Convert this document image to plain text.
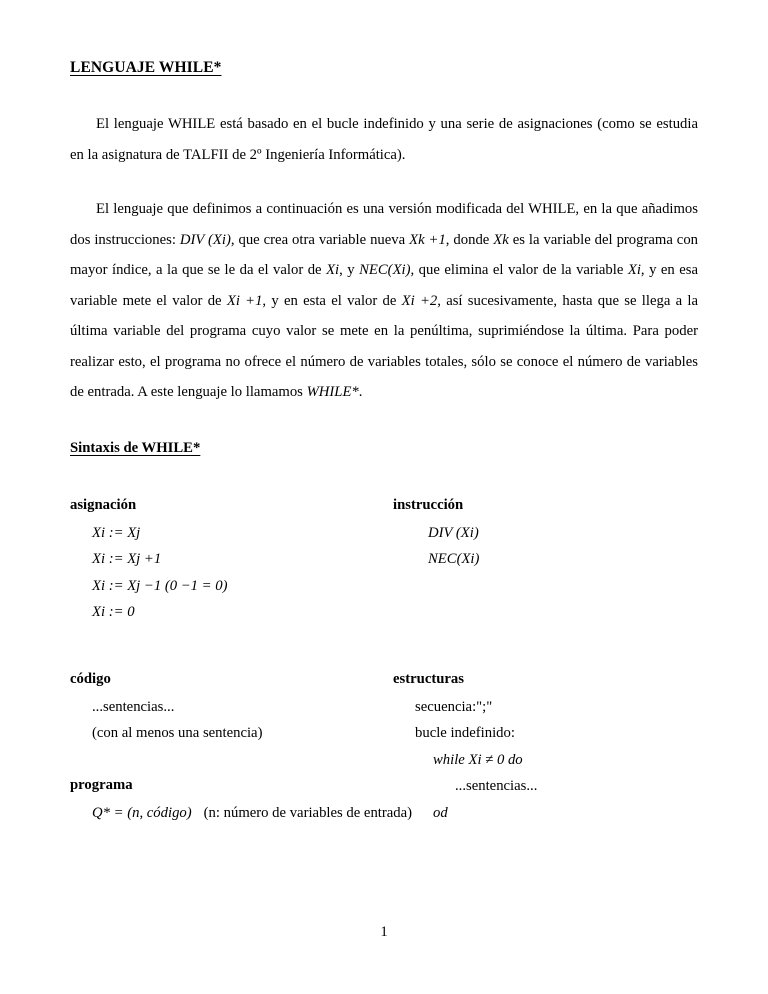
LENGUAJE WHILE*

El lenguaje WHILE está basado en el bucle indefinido y una serie de asignaciones (como se estudia en la asignatura de TALFII de 2º Ingeniería Informática).

El lenguaje que definimos a continuación es una versión modificada del WHILE, en la que añadimos dos instrucciones: DIV (Xi), que crea otra variable nueva Xk +1, donde Xk es la variable del programa con mayor índice, a la que se le da el valor de Xi, y NEC(Xi), que elimina el valor de la variable Xi, y en esa variable mete el valor de Xi +1, y en esta el valor de Xi +2, así sucesivamente, hasta que se llega a la última variable del programa cuyo valor se mete en la penúltima, suprimiéndose la última. Para poder realizar esto, el programa no ofrece el número de variables totales, sólo se conoce el número de variables de entrada. A este lenguaje lo llamamos WHILE*.

Sintaxis de WHILE*
asignación
Xi := Xj
Xi := Xj +1
Xi := Xj −1 (0 −1 = 0)
Xi := 0
instrucción
DIV (Xi)
NEC(Xi)
código
...sentencias...
(con al menos una sentencia)
estructuras
secuencia:";"
bucle indefinido:
while Xi ≠ 0 do
...sentencias...
od
programa
Q* = (n, código) (n: número de variables de entrada)
1
